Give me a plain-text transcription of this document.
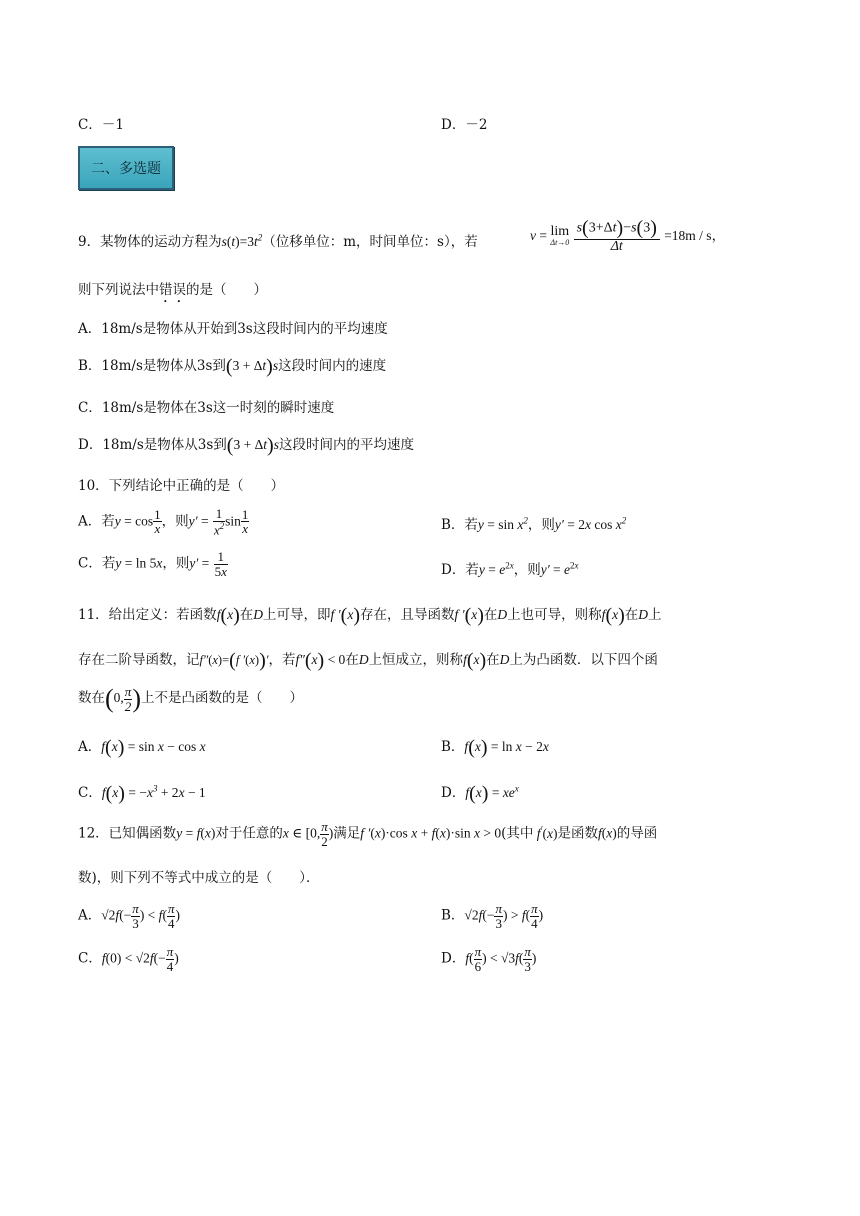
C．－1	D．－2
二、多选题
9．某物体的运动方程为$s(t)=3t^2$（位移单位：m，时间单位：s），若	v = lim
Δt→0
$\frac{s(3+\Delta t)-s(3)}{\Delta t} =18m / s$，
则下列说法中错误的是（　　）
A．18m/s是物体从开始到3s这段时间内的平均速度
B．18m/s是物体从3s到(3 + Δt)s这段时间内的速度
C．18m/s是物体在3s这一时刻的瞬时速度
D．18m/s是物体从3s到(3 + Δt)s这段时间内的平均速度
10．下列结论中正确的是（　　）
A．若$y = \cos \frac{1}{x}$ ，则$y' = \frac{1}{x^2}$ $\sin \frac{1}{x}$	B．若$y = \sin x^2$，则y′ = 2x $\cos x^2$
C．若y = ln 5x，则$y' = \frac{1}{5x}$	D．若$y = e^{2x}$，则$y' = e^{2x}$
11．给出定义：若函数f(x)在D上可导，即f ′(x)存在，且导函数f ′(x)在D上也可导，则称f(x)在D上
存在二阶导函数，记f″(x)=(f ′(x))′，若f″(x) < 0在D上恒成立，则称f(x)在D上为凸函数．以下四个函
数在(0, $\frac{\pi}{2}$ )上不是凸函数的是（　　）
A．f(x) = sin x − cos x	B．f(x) = ln x − 2x
C．$f(x) = -x^3 + 2x - 1$	D．$f(x) = xe^x$
12．已知偶函数y = f(x)对于任意的x ∈ [0, $\frac{\pi}{2}$ )满足f ′(x)·cos x + f(x)·sin x > 0(其中 f′(x)是函数f(x)的导函
数)，则下列不等式中成立的是（　　）．
A．$√2f(- \frac{\pi}{3}$ ) < $f( \frac{\pi}{4}$ )	B．$√2f(- \frac{\pi}{3}$ ) > $f( \frac{\pi}{4}$ )
C．$f(0) < √2f(- \frac{\pi}{4}$ )	D．$f( \frac{\pi}{6}$ ) < $√3f( \frac{\pi}{3}$ )
